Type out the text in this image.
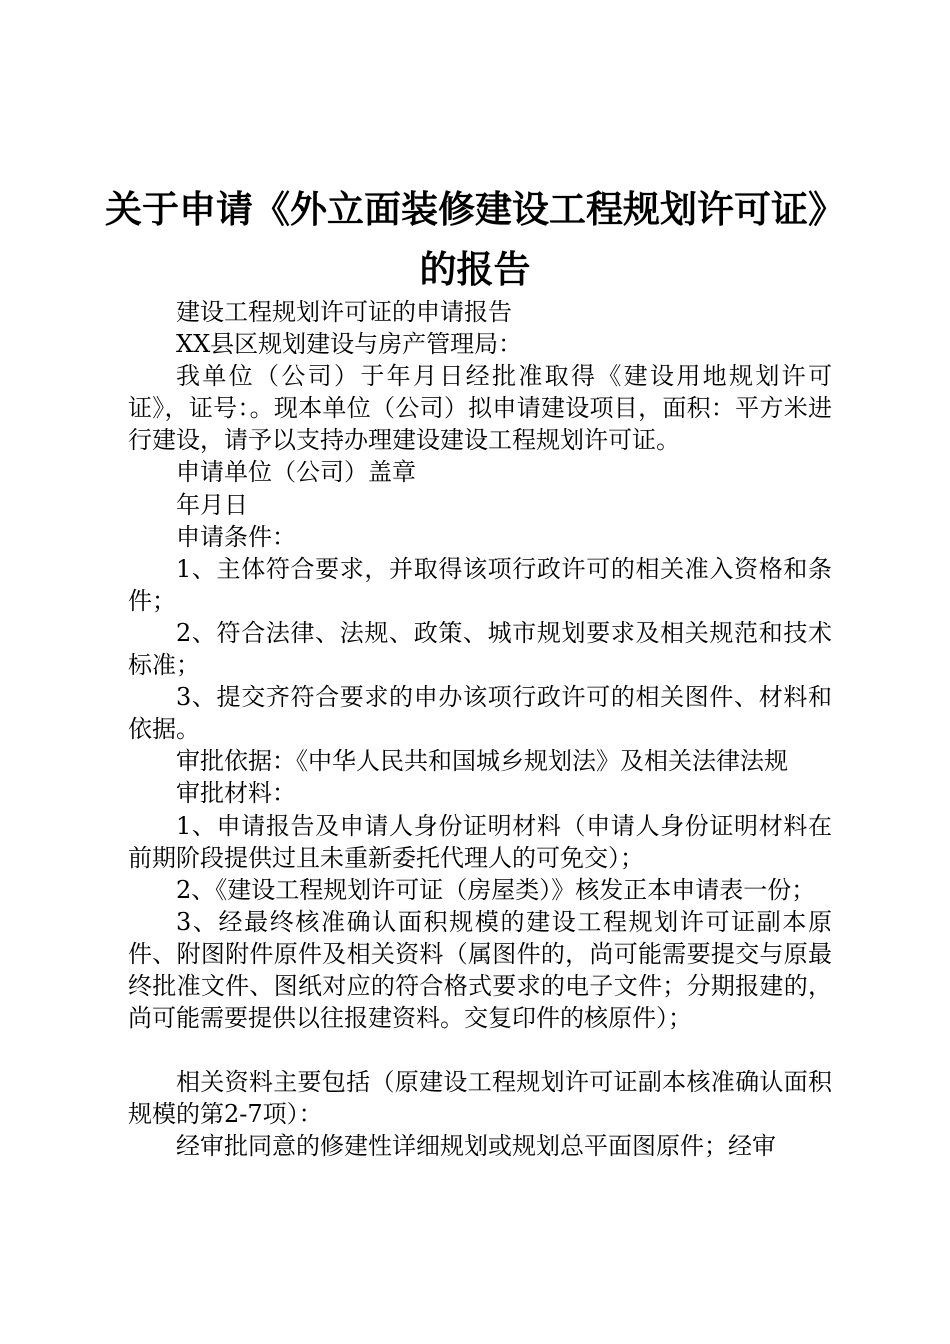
关于申请《外立面装修建设工程规划许可证》
的报告

建设工程规划许可证的申请报告

XX县区规划建设与房产管理局：

我单位（公司）于年月日经批准取得《建设用地规划许可证》，证号：。现本单位（公司）拟申请建设项目，面积：平方米进行建设，请予以支持办理建设建设工程规划许可证。

申请单位（公司）盖章

年月日

申请条件：

1、主体符合要求，并取得该项行政许可的相关准入资格和条件；

2、符合法律、法规、政策、城市规划要求及相关规范和技术标准；

3、提交齐符合要求的申办该项行政许可的相关图件、材料和依据。

审批依据：《中华人民共和国城乡规划法》及相关法律法规

审批材料：

1、申请报告及申请人身份证明材料（申请人身份证明材料在前期阶段提供过且未重新委托代理人的可免交）；

2、《建设工程规划许可证（房屋类）》核发正本申请表一份；

3、经最终核准确认面积规模的建设工程规划许可证副本原件、附图附件原件及相关资料（属图件的，尚可能需要提交与原最终批准文件、图纸对应的符合格式要求的电子文件；分期报建的，尚可能需要提供以往报建资料。交复印件的核原件）；

相关资料主要包括（原建设工程规划许可证副本核准确认面积规模的第2-7项）：

经审批同意的修建性详细规划或规划总平面图原件；经审
